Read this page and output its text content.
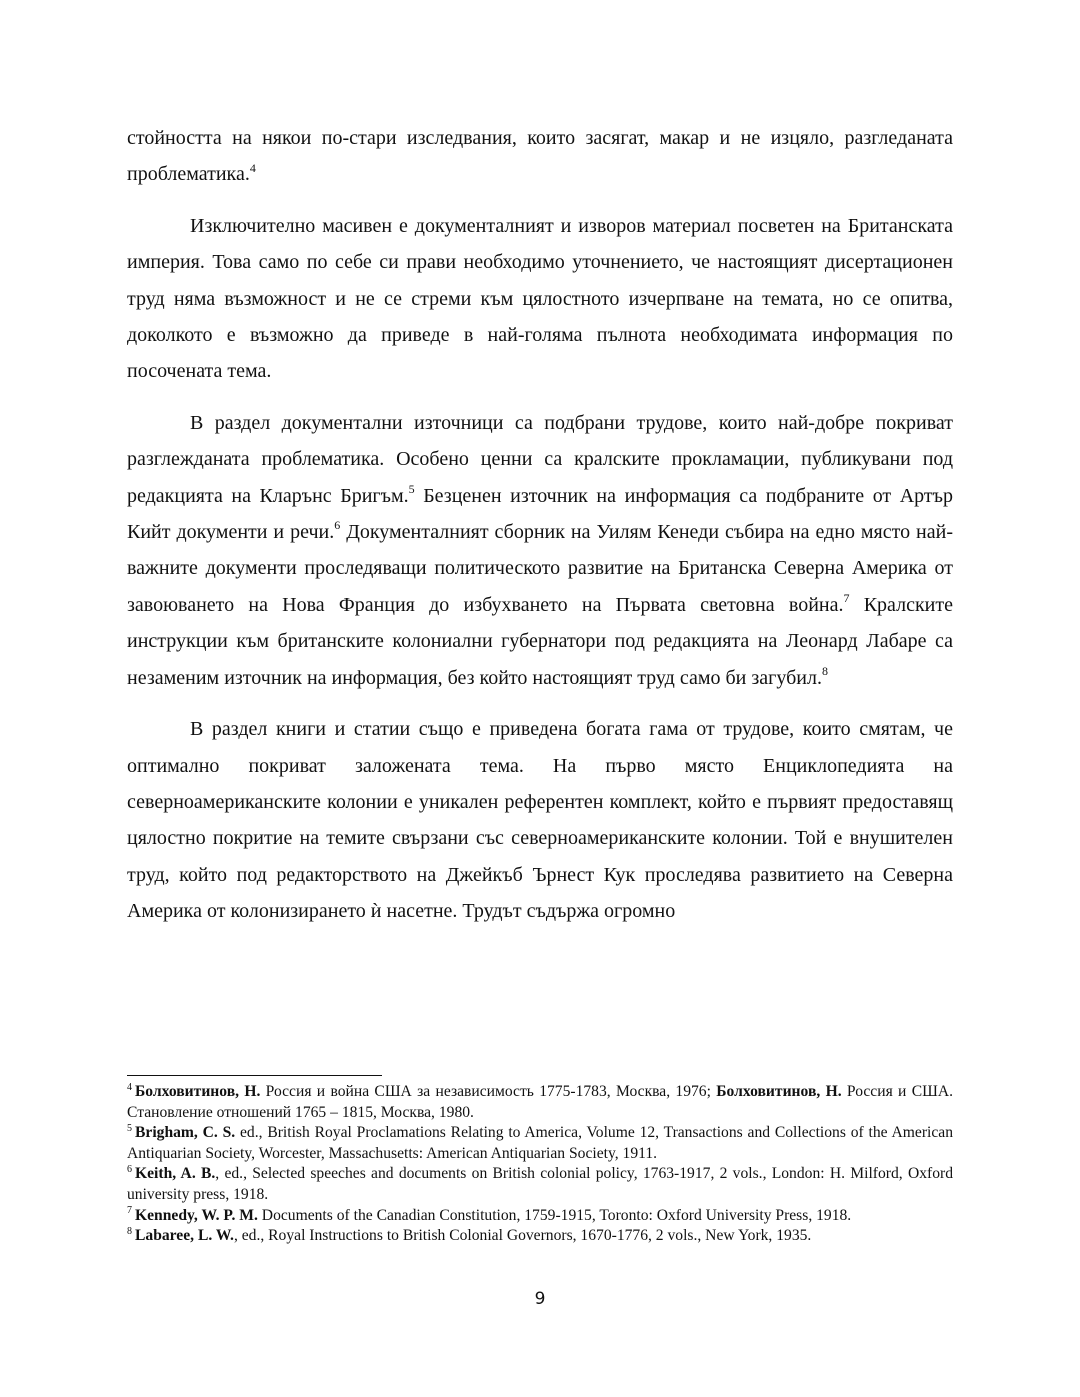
стойността на някои по-стари изследвания, които засягат, макар и не изцяло, разгледаната проблематика.$^4$

Изключително масивен е документалният и изворов материал посветен на Британската империя. Това само по себе си прави необходимо уточнението, че настоящият дисертационен труд няма възможност и не се стреми към цялостното изчерпване на темата, но се опитва, доколкото е възможно да приведе в най-голяма пълнота необходимата информация по посочената тема.

В раздел документални източници са подбрани трудове, които най-добре покриват разглежданата проблематика. Особено ценни са кралските прокламации, публикувани под редакцията на Кларънс Бригъм.$^5$ Безценен източник на информация са подбраните от Артър Кийт документи и речи.$^6$ Документалният сборник на Уилям Кенеди събира на едно място най-важните документи проследяващи политическото развитие на Британска Северна Америка от завоюването на Нова Франция до избухването на Първата световна война.$^7$ Кралските инструкции към британските колониални губернатори под редакцията на Леонард Лабаре са незаменим източник на информация, без който настоящият труд само би загубил.$^8$

В раздел книги и статии също е приведена богата гама от трудове, които смятам, че оптимално покриват заложената тема. На първо място Енциклопедията на северноамериканските колонии е уникален референтен комплект, който е първият предоставящ цялостно покритие на темите свързани със северноамериканските колонии. Той е внушителен труд, който под редакторството на Джейкъб Ърнест Кук проследява развитието на Северна Америка от колонизирането ѝ насетне. Трудът съдържа огромно

$^4$ Болховитинов, Н. Россия и война США за независимость 1775-1783, Москва, 1976; Болховитинов, Н. Россия и США. Становление отношений 1765 – 1815, Москва, 1980.

$^5$ Brigham, C. S. ed., British Royal Proclamations Relating to America, Volume 12, Transactions and Collections of the American Antiquarian Society, Worcester, Massachusetts: American Antiquarian Society, 1911.

$^6$ Keith, A. B., ed., Selected speeches and documents on British colonial policy, 1763-1917, 2 vols., London: H. Milford, Oxford university press, 1918.

$^7$ Kennedy, W. P. M. Documents of the Canadian Constitution, 1759-1915, Toronto: Oxford University Press, 1918.

$^8$ Labaree, L. W., ed., Royal Instructions to British Colonial Governors, 1670-1776, 2 vols., New York, 1935.

9
